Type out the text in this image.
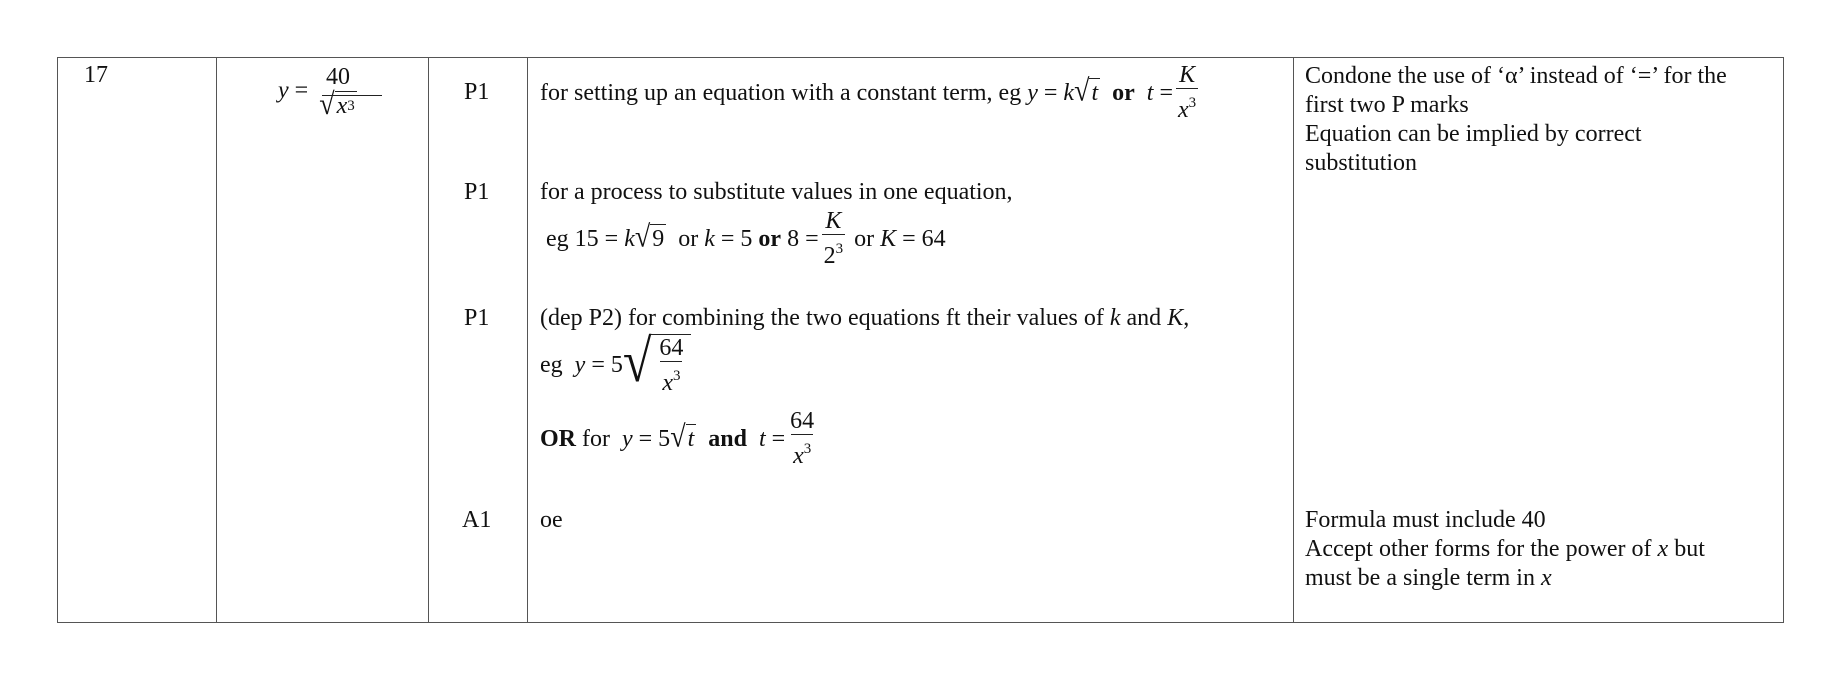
17
y =
40
√ x 3
P1
P1
P1
A1
for setting up an equation with a constant term, eg
y = k √ t
or
$t = \frac{K}{x^3}$
for a process to substitute values in one equation,
eg 15 =
k √ 9
or
k
= 5
or
$8 = \frac{K}{2^3}$
or
K
= 64
(dep P2) for combining the two equations ft their values of k and K,
eg
y
= 5 √ $\frac{64}{x^3}$
OR
for
y
= 5 √ t
and
t
= $\frac{64}{x^3}$
oe
Condone the use of ‘α’ instead of ‘=’ for the
first two P marks
Equation can be implied by correct
substitution
Formula must include 40
Accept other forms for the power of x but
must be a single term in x
